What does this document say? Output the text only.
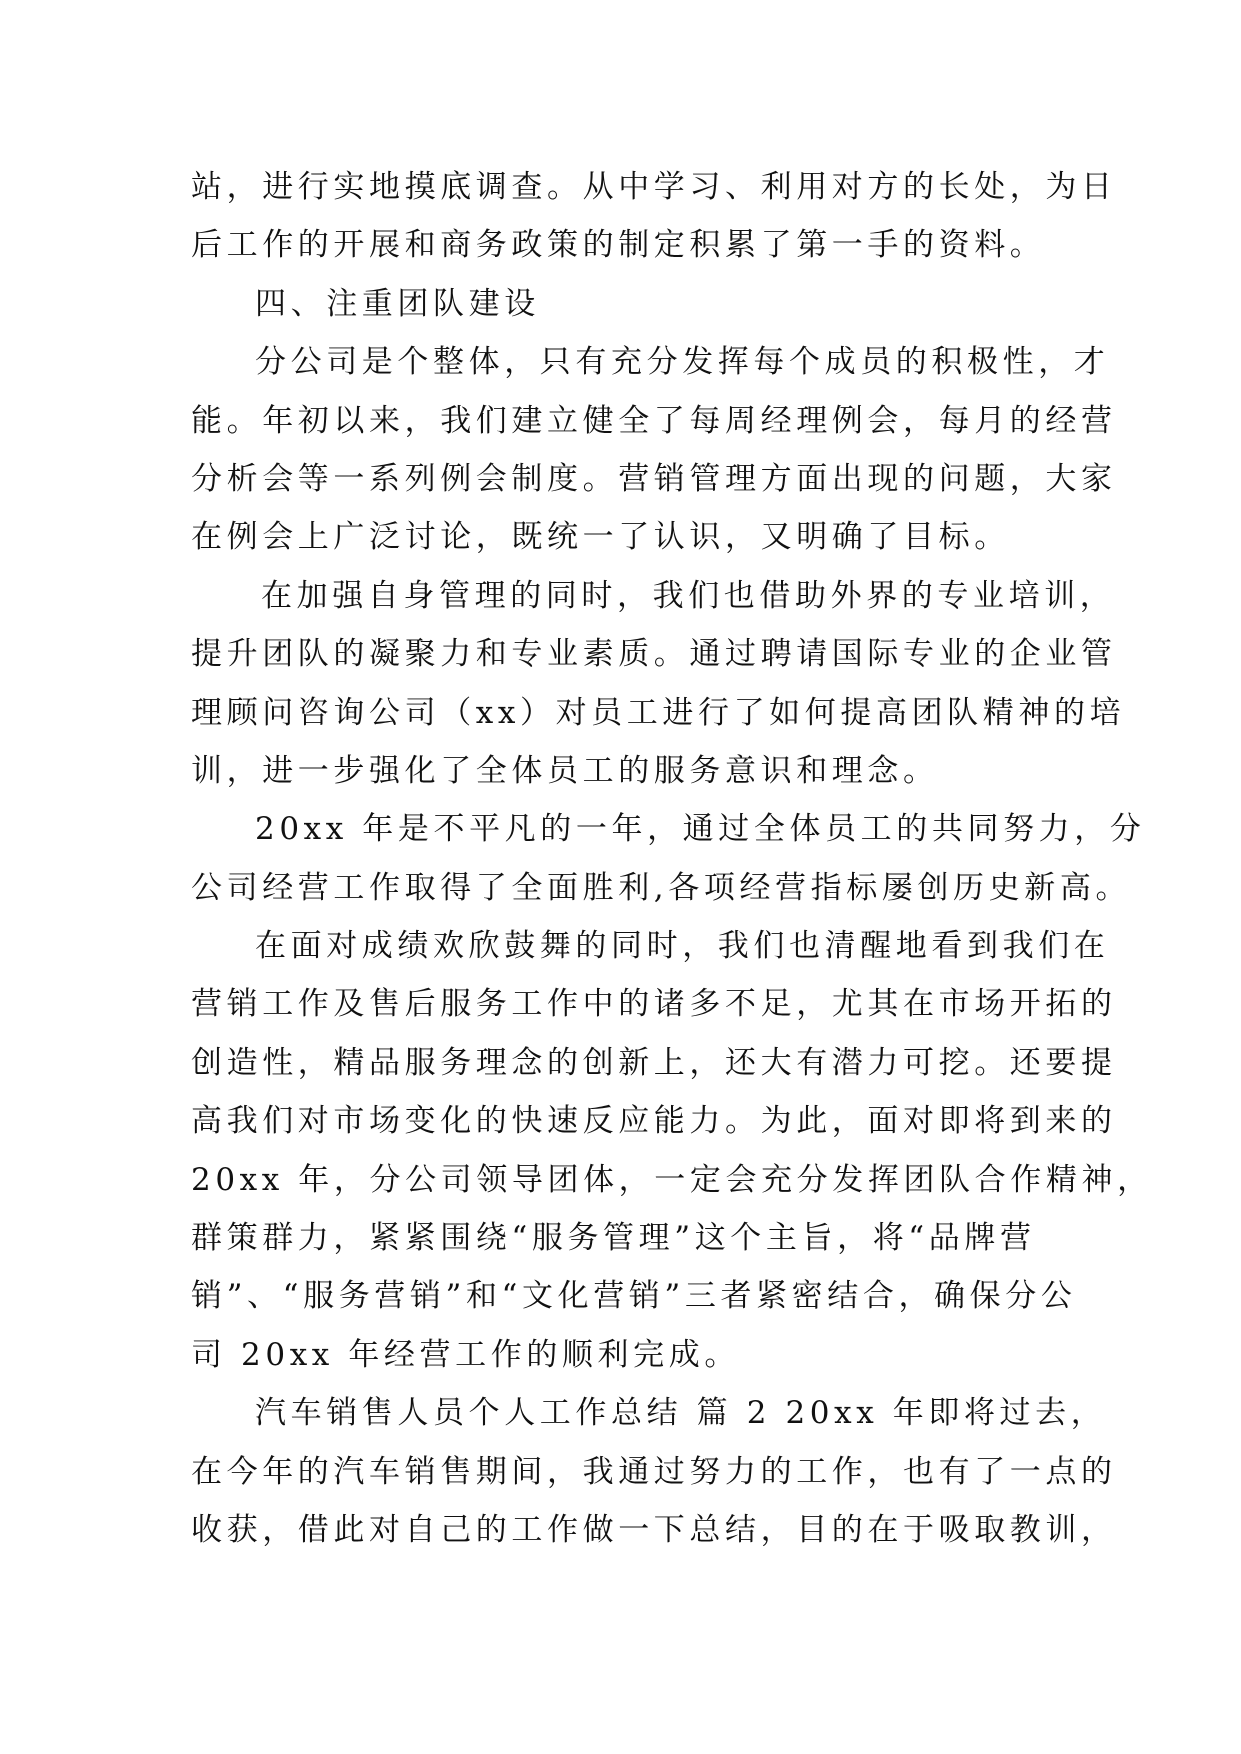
站，进行实地摸底调查。从中学习、利用对方的长处，为日
后工作的开展和商务政策的制定积累了第一手的资料。
四、注重团队建设
分公司是个整体，只有充分发挥每个成员的积极性，才
能。年初以来，我们建立健全了每周经理例会，每月的经营
分析会等一系列例会制度。营销管理方面出现的问题，大家
在例会上广泛讨论，既统一了认识，又明确了目标。
在加强自身管理的同时，我们也借助外界的专业培训，
提升团队的凝聚力和专业素质。通过聘请国际专业的企业管
理顾问咨询公司（xx）对员工进行了如何提高团队精神的培
训，进一步强化了全体员工的服务意识和理念。
20xx 年是不平凡的一年，通过全体员工的共同努力，分
公司经营工作取得了全面胜利,各项经营指标屡创历史新高。
在面对成绩欢欣鼓舞的同时，我们也清醒地看到我们在
营销工作及售后服务工作中的诸多不足，尤其在市场开拓的
创造性，精品服务理念的创新上，还大有潜力可挖。还要提
高我们对市场变化的快速反应能力。为此，面对即将到来的
20xx 年，分公司领导团体，一定会充分发挥团队合作精神，
群策群力，紧紧围绕“服务管理”这个主旨，将“品牌营
销”、“服务营销”和“文化营销”三者紧密结合，确保分公
司 20xx 年经营工作的顺利完成。
汽车销售人员个人工作总结 篇 2 20xx 年即将过去，
在今年的汽车销售期间，我通过努力的工作，也有了一点的
收获，借此对自己的工作做一下总结，目的在于吸取教训，
